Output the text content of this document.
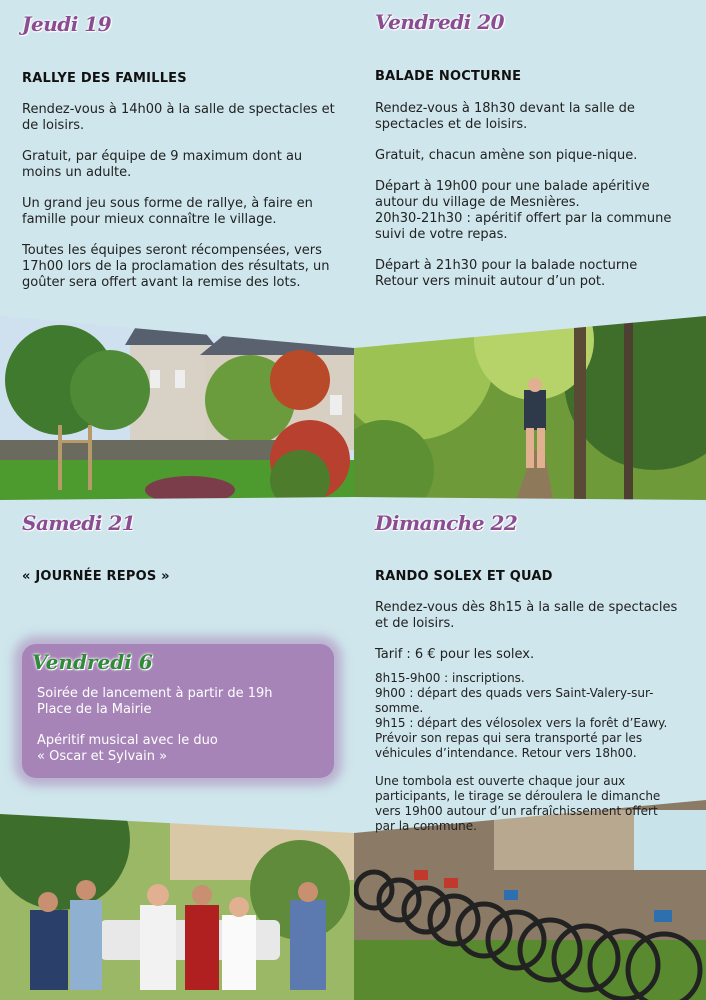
Jeudi 19
RALLYE DES FAMILLES

Rendez-vous à 14h00 à la salle de spectacles et de loisirs.

Gratuit, par équipe de 9 maximum dont au moins un adulte.

Un grand jeu sous forme de rallye, à faire en famille pour mieux connaître le village.

Toutes les équipes seront récompensées, vers 17h00 lors de la proclamation des résultats, un goûter sera offert avant la remise des lots.

Vendredi 20
BALADE NOCTURNE

Rendez-vous à 18h30 devant la salle de spectacles et de loisirs.

Gratuit, chacun amène son pique-nique.

Départ à 19h00 pour une balade apéritive autour du village de Mesnières.

20h30-21h30 : apéritif offert par la commune suivi de votre repas.

Départ à 21h30 pour la balade nocturne

Retour vers minuit autour d’un pot.

Samedi 21
« JOURNÉE REPOS »
Vendredi 6

Soirée de lancement à partir de 19h

Place de la Mairie

Apéritif musical avec le duo

« Oscar et Sylvain »

Dimanche 22
RANDO SOLEX ET QUAD

Rendez-vous dès 8h15 à la salle de spectacles et de loisirs.

Tarif : 6 € pour les solex.

8h15-9h00 : inscriptions.

9h00 : départ des quads vers Saint-Valery-sur-somme.

9h15 : départ des vélosolex vers la forêt d’Eawy. Prévoir son repas qui sera transporté par les véhicules d’intendance. Retour vers 18h00.

Une tombola est ouverte chaque jour aux participants, le tirage se déroulera le dimanche vers 19h00 autour d’un rafraîchissement offert par la commune.
